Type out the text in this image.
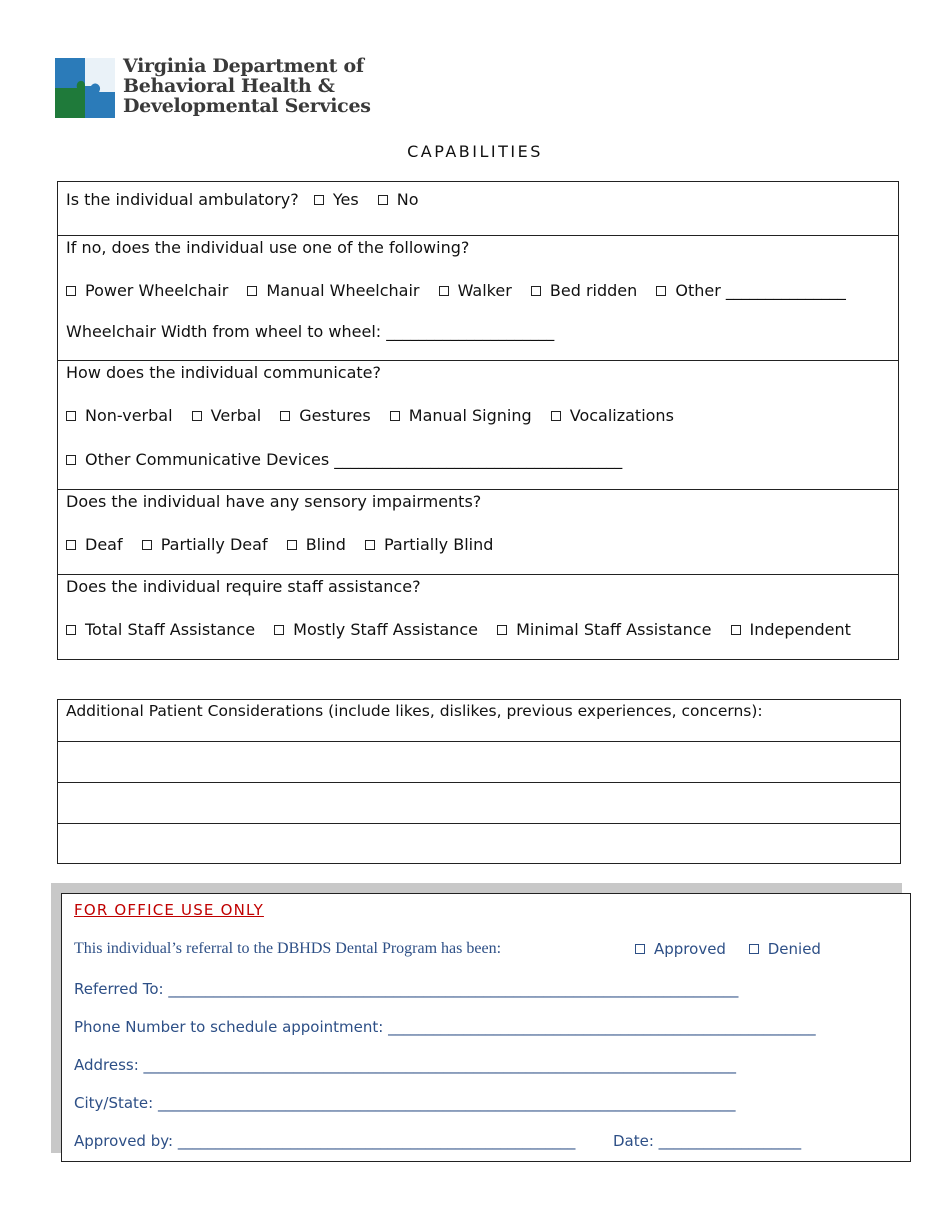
Virginia Department of
Behavioral Health &
Developmental Services
CAPABILITIES
Is the individual ambulatory? Yes No
If no, does the individual use one of the following?
Power Wheelchair Manual Wheelchair Walker Bed ridden Other _______________
Wheelchair Width from wheel to wheel: _____________________
How does the individual communicate?
Non-verbal Verbal Gestures Manual Signing Vocalizations
Other Communicative Devices ____________________________________
Does the individual have any sensory impairments?
Deaf Partially Deaf Blind Partially Blind
Does the individual require staff assistance?
Total Staff Assistance Mostly Staff Assistance Minimal Staff Assistance Independent
Additional Patient Considerations (include likes, dislikes, previous experiences, concerns):
FOR OFFICE USE ONLY
This individual’s referral to the DBHDS Dental Program has been:	Approved	Denied
Referred To: ____________________________________________________________________________
Phone Number to schedule appointment: _________________________________________________________
Address: _______________________________________________________________________________
City/State: _____________________________________________________________________________
Approved by: _____________________________________________________	Date: ___________________
